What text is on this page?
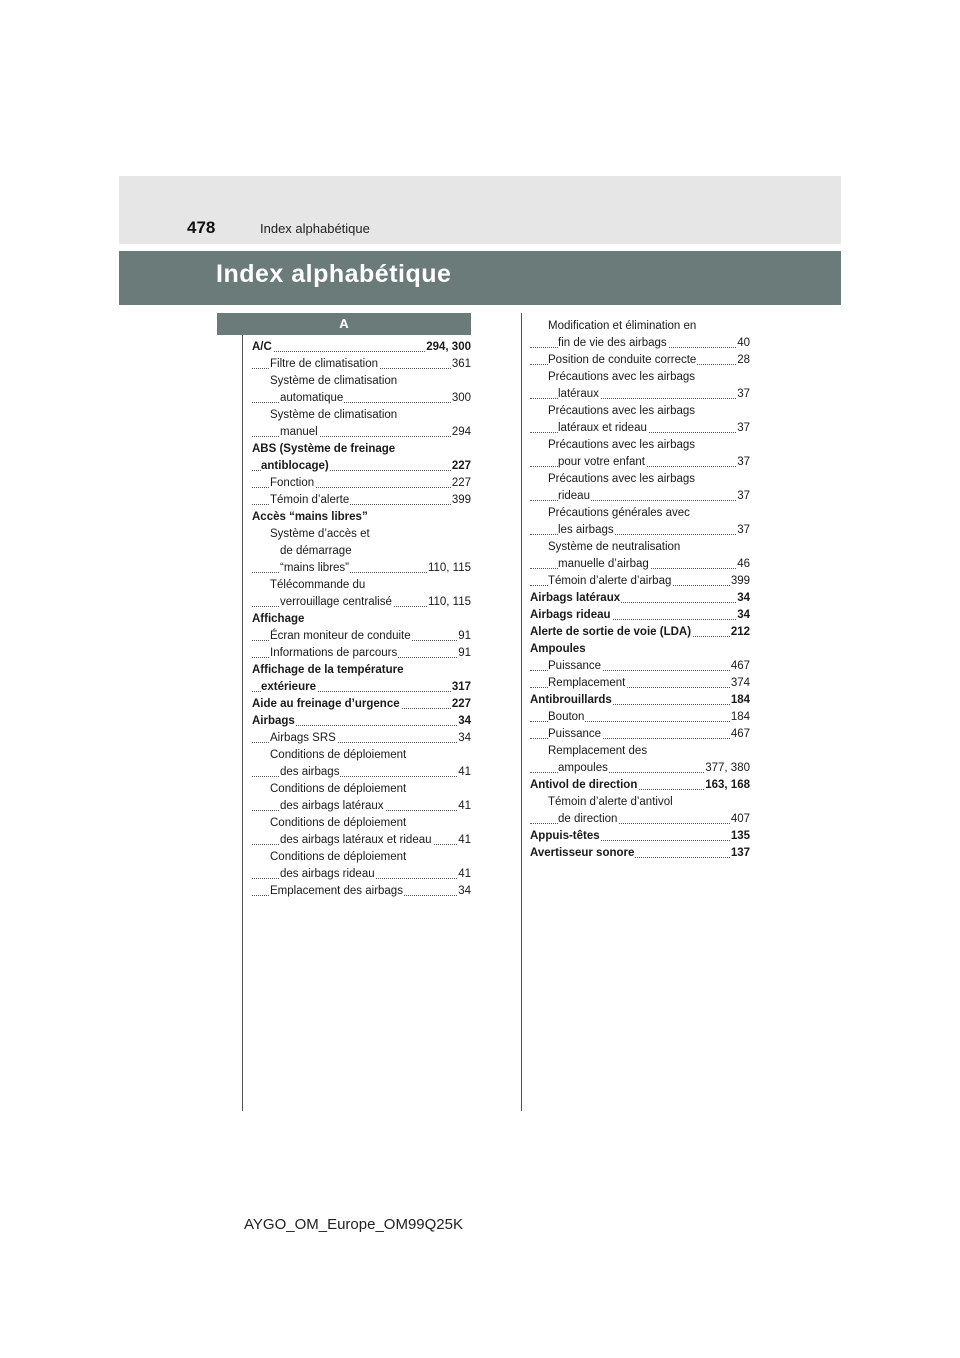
478	Index alphabétique
Index alphabétique
A
A/C	294, 300
Filtre de climatisation	361
Système de climatisation
automatique	300
Système de climatisation
manuel	294
ABS (Système de freinage
antiblocage)	227
Fonction	227
Témoin d’alerte	399
Accès “mains libres”
Système d’accès et
de démarrage
“mains libres”	110, 115
Télécommande du
verrouillage centralisé	110, 115
Affichage
Écran moniteur de conduite	91
Informations de parcours	91
Affichage de la température
extérieure	317
Aide au freinage d’urgence	227
Airbags	34
Airbags SRS	34
Conditions de déploiement
des airbags	41
Conditions de déploiement
des airbags latéraux	41
Conditions de déploiement
des airbags latéraux et rideau 41
Conditions de déploiement
des airbags rideau	41
Emplacement des airbags	34
Modification et élimination en
fin de vie des airbags	40
Position de conduite correcte	28
Précautions avec les airbags
latéraux	37
Précautions avec les airbags
latéraux et rideau	37
Précautions avec les airbags
pour votre enfant	37
Précautions avec les airbags
rideau	37
Précautions générales avec
les airbags	37
Système de neutralisation
manuelle d’airbag	46
Témoin d’alerte d’airbag	399
Airbags latéraux	34
Airbags rideau	34
Alerte de sortie de voie (LDA)	212
Ampoules
Puissance	467
Remplacement	374
Antibrouillards	184
Bouton	184
Puissance	467
Remplacement des
ampoules	377, 380
Antivol de direction	163, 168
Témoin d’alerte d’antivol
de direction	407
Appuis-têtes	135
Avertisseur sonore	137
AYGO_OM_Europe_OM99Q25K
